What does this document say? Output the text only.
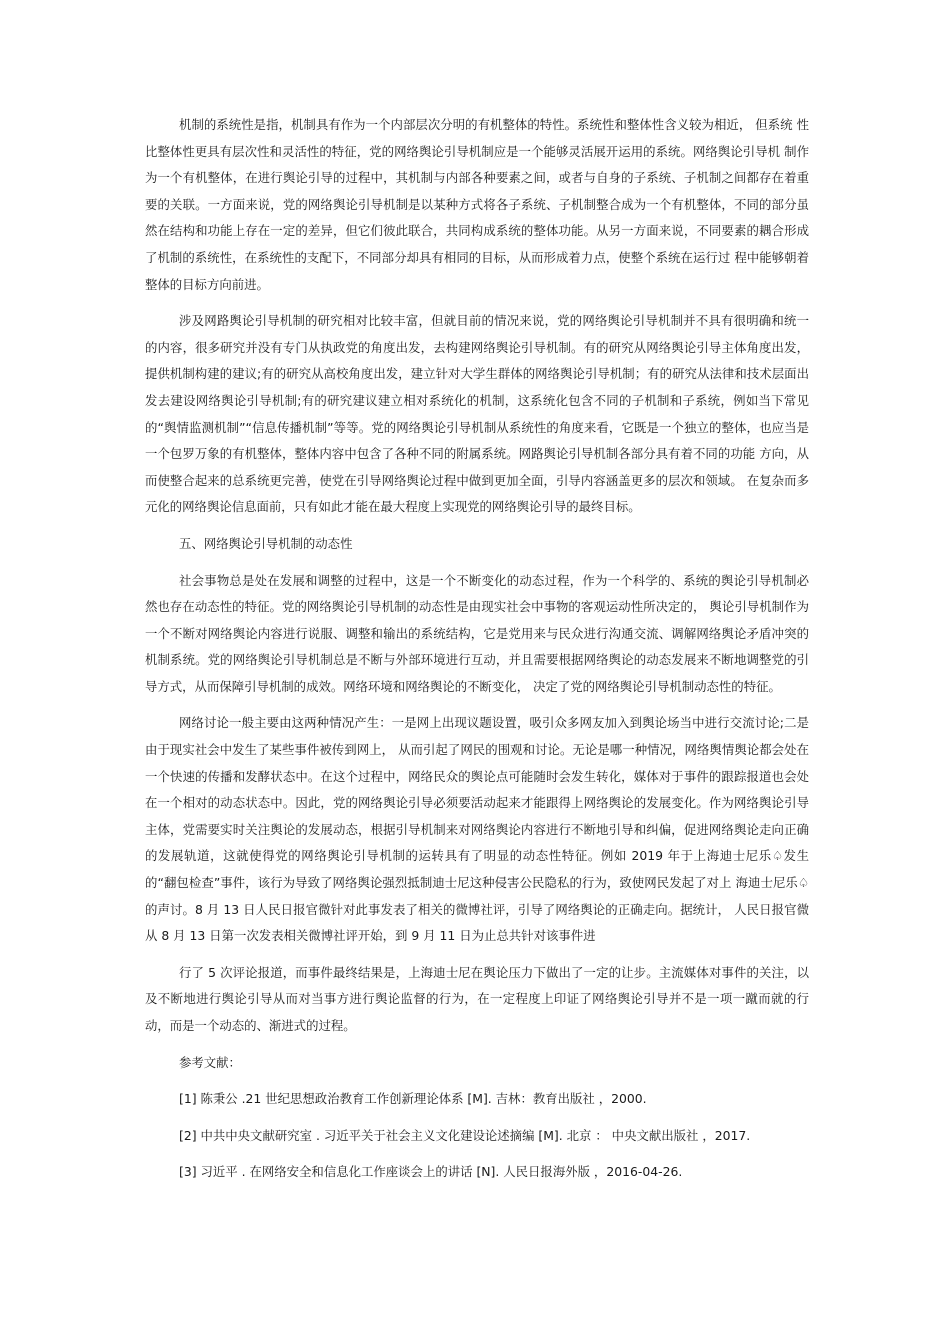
机制的系统性是指，机制具有作为一个内部层次分明的有机整体的特性。系统性和整体性含义较为相近， 但系统 性比整体性更具有层次性和灵活性的特征，党的网络舆论引导机制应是一个能够灵活展开运用的系统。网络舆论引导机 制作为一个有机整体，在进行舆论引导的过程中，其机制与内部各种要素之间，或者与自身的子系统、子机制之间都存在着重要的关联。一方面来说，党的网络舆论引导机制是以某种方式将各子系统、子机制整合成为一个有机整体，不同的部分虽然在结构和功能上存在一定的差异，但它们彼此联合，共同构成系统的整体功能。从另一方面来说，不同要素的耦合形成了机制的系统性，在系统性的支配下，不同部分却具有相同的目标，从而形成着力点，使整个系统在运行过 程中能够朝着整体的目标方向前进。

涉及网路舆论引导机制的研究相对比较丰富，但就目前的情况来说，党的网络舆论引导机制并不具有很明确和统一的内容，很多研究并没有专门从执政党的角度出发，去构建网络舆论引导机制。有的研究从网络舆论引导主体角度出发，提供机制构建的建议;有的研究从高校角度出发，建立针对大学生群体的网络舆论引导机制；有的研究从法律和技术层面出发去建设网络舆论引导机制;有的研究建议建立相对系统化的机制，这系统化包含不同的子机制和子系统，例如当下常见的“舆情监测机制”“信息传播机制”等等。党的网络舆论引导机制从系统性的角度来看，它既是一个独立的整体，也应当是一个包罗万象的有机整体，整体内容中包含了各种不同的附属系统。网路舆论引导机制各部分具有着不同的功能 方向，从而使整合起来的总系统更完善，使党在引导网络舆论过程中做到更加全面，引导内容涵盖更多的层次和领域。 在复杂而多元化的网络舆论信息面前，只有如此才能在最大程度上实现党的网络舆论引导的最终目标。

五、网络舆论引导机制的动态性

社会事物总是处在发展和调整的过程中，这是一个不断变化的动态过程，作为一个科学的、系统的舆论引导机制必然也存在动态性的特征。党的网络舆论引导机制的动态性是由现实社会中事物的客观运动性所决定的， 舆论引导机制作为一个不断对网络舆论内容进行说服、调整和输出的系统结构，它是党用来与民众进行沟通交流、调解网络舆论矛盾冲突的机制系统。党的网络舆论引导机制总是不断与外部环境进行互动，并且需要根据网络舆论的动态发展来不断地调整党的引导方式，从而保障引导机制的成效。网络环境和网络舆论的不断变化， 决定了党的网络舆论引导机制动态性的特征。

网络讨论一般主要由这两种情况产生：一是网上出现议题设置，吸引众多网友加入到舆论场当中进行交流讨论;二是由于现实社会中发生了某些事件被传到网上， 从而引起了网民的围观和讨论。无论是哪一种情况，网络舆情舆论都会处在一个快速的传播和发酵状态中。在这个过程中，网络民众的舆论点可能随时会发生转化，媒体对于事件的跟踪报道也会处在一个相对的动态状态中。因此，党的网络舆论引导必须要活动起来才能跟得上网络舆论的发展变化。作为网络舆论引导主体，党需要实时关注舆论的发展动态，根据引导机制来对网络舆论内容进行不断地引导和纠偏，促进网络舆论走向正确的发展轨道，这就使得党的网络舆论引导机制的运转具有了明显的动态性特征。例如 2019 年于上海迪士尼乐♤发生的“翻包检查”事件，该行为导致了网络舆论强烈抵制迪士尼这种侵害公民隐私的行为，致使网民发起了对上 海迪士尼乐♤的声讨。8 月 13 日人民日报官微针对此事发表了相关的微博社评，引导了网络舆论的正确走向。据统计， 人民日报官微从 8 月 13 日第一次发表相关微博社评开始，到 9 月 11 日为止总共针对该事件进

行了 5 次评论报道，而事件最终结果是，上海迪士尼在舆论压力下做出了一定的让步。主流媒体对事件的关注，以及不断地进行舆论引导从而对当事方进行舆论监督的行为，在一定程度上印证了网络舆论引导并不是一项一蹴而就的行动，而是一个动态的、渐进式的过程。

参考文献：

[1] 陈秉公 .21 世纪思想政治教育工作创新理论体系 [M]. 吉林：教育出版社 ，2000.

[2] 中共中央文献研究室 . 习近平关于社会主义文化建设论述摘编 [M]. 北京 ： 中央文献出版社 ，2017.

[3] 习近平 . 在网络安全和信息化工作座谈会上的讲话 [N]. 人民日报海外版 ，2016-04-26.
